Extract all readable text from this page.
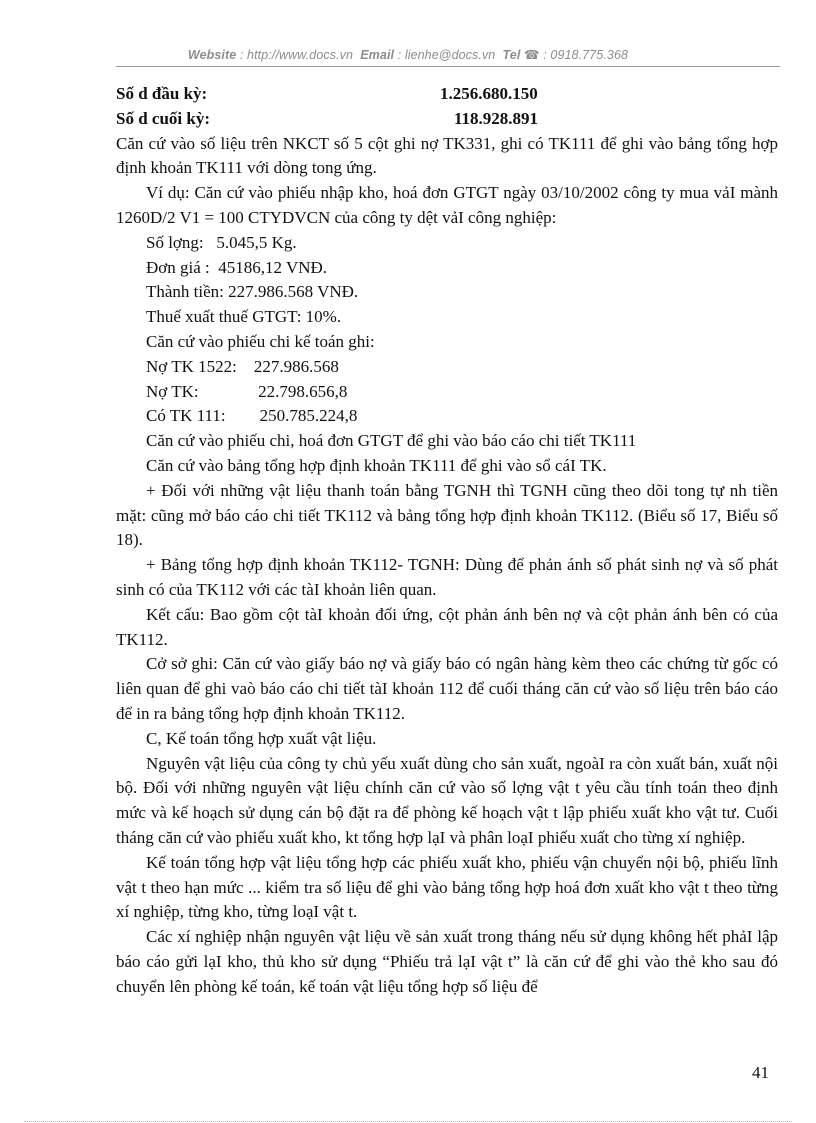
Website : http://www.docs.vn Email : lienhe@docs.vn Tel ☎ : 0918.775.368
Số d đầu kỳ:	1.256.680.150
Số d cuối kỳ:	118.928.891

Căn cứ vào số liệu trên NKCT số 5 cột ghi nợ TK331, ghi có TK111 để ghi vào bảng tổng hợp định khoản TK111 với dòng tong ứng.

Ví dụ: Căn cứ vào phiếu nhập kho, hoá đơn GTGT ngày 03/10/2002 công ty mua vảI mành 1260D/2 V1 = 100 CTYDVCN của công ty dệt vảI công nghiệp:

Số lợng:   5.045,5 Kg.
Đơn giá :  45186,12 VNĐ.
Thành tiền: 227.986.568 VNĐ.
Thuế xuất thuế GTGT: 10%.
Căn cứ vào phiếu chi kế toán ghi:
Nợ TK 1522:    227.986.568
Nợ TK:              22.798.656,8
Có TK 111:        250.785.224,8
Căn cứ vào phiếu chi, hoá đơn GTGT để ghi vào báo cáo chi tiết TK111
Căn cứ vào bảng tổng hợp định khoản TK111 để ghi vào sổ cáI TK.

+ Đối với những vật liệu thanh toán bằng TGNH thì TGNH cũng theo dõi tong tự nh tiền mặt: cũng mở báo cáo chi tiết TK112 và bảng tổng hợp định khoản TK112. (Biểu số 17, Biểu số 18).

+ Bảng tổng hợp định khoản TK112- TGNH: Dùng để phản ánh số phát sinh nợ và số phát sinh có của TK112 với các tàI khoản liên quan.

Kết cấu: Bao gồm cột tàI khoản đối ứng, cột phản ánh bên nợ và cột phản ánh bên có của TK112.

Cở sở ghi: Căn cứ vào giấy báo nợ và giấy báo có ngân hàng kèm theo các chứng từ gốc có liên quan để ghi vaò báo cáo chi tiết tàI khoản 112 để cuối tháng căn cứ vào số liệu trên báo cáo để in ra bảng tổng hợp định khoản TK112.

C, Kế toán tổng hợp xuất vật liệu.

Nguyên vật liệu của công ty chủ yếu xuất dùng cho sản xuất, ngoàI ra còn xuất bán, xuất nội bộ. Đối với những nguyên vật liệu chính căn cứ vào số lợng vật t yêu cầu tính toán theo định mức và kế hoạch sử dụng cán bộ đặt ra để phòng kế hoạch vật t lập phiếu xuất kho vật tư. Cuối tháng căn cứ vào phiếu xuất kho, kt tổng hợp lạI và phân loạI phiếu xuất cho từng xí nghiệp.

Kế toán tổng hợp vật liệu tổng hợp các phiếu xuất kho, phiếu vận chuyển nội bộ, phiếu lĩnh vật t theo hạn mức ... kiểm tra số liệu để ghi vào bảng tổng hợp hoá đơn xuất kho vật t theo từng xí nghiệp, từng kho, từng loạI vật t.

Các xí nghiệp nhận nguyên vật liệu về sản xuất trong tháng nếu sử dụng không hết phảI lập báo cáo gửi lạI kho, thủ kho sử dụng “Phiếu trả lạI vật t” là căn cứ để ghi vào thẻ kho sau đó chuyển lên phòng kế toán, kế toán vật liệu tổng hợp số liệu để

41
